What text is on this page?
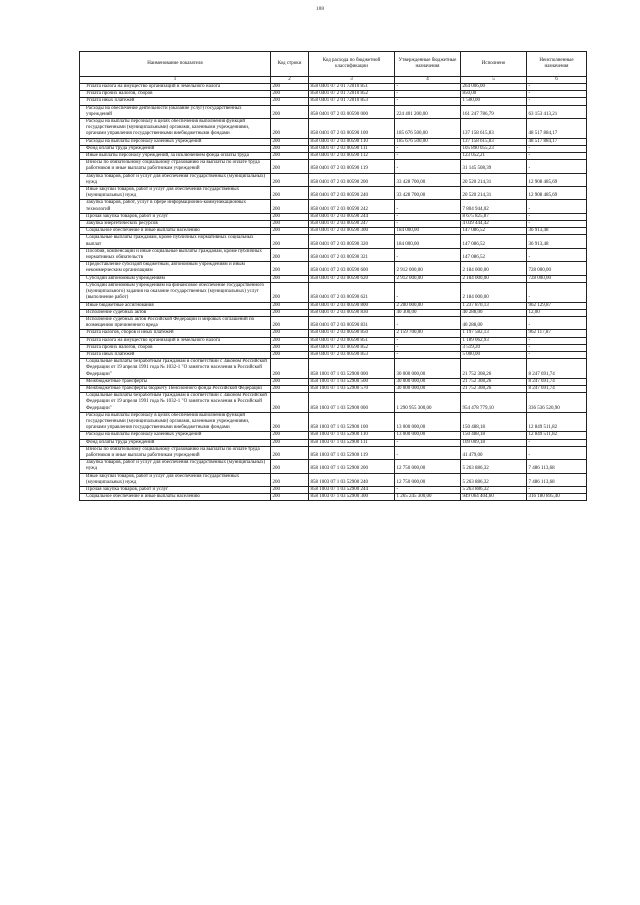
188
Наименование показателя	Код строки	Код расхода по бюджетной классификации	Утвержденные бюджетные назначения	Исполнено	Неисполненные назначения
1	2	3	4	5	6
Уплата налога на имущество организаций и земельного налога	200	858 0401 07 2 01 72010 851	-	264 006,00	-
Уплата прочих налогов, сборов	200	858 0401 07 2 01 72010 852	-	850,00	-
Уплата иных платежей	200	858 0401 07 2 01 72010 853	-	1 500,00	-
Расходы на обеспечение деятельности (оказание услуг) государственных учреждений	200	858 0401 07 2 03 00590 000	224 401 200,00	161 247 786,79	63 153 413,21
Расходы на выплаты персоналу в целях обеспечения выполнения функций государственными (муниципальными) органами, казенными учреждениями, органами управления государственными внебюджетными фондами	200	858 0401 07 2 03 00590 100	185 676 500,00	137 158 615,83	48 517 884,17
Расходы на выплаты персоналу казенных учреждений	200	858 0401 07 2 03 00590 110	185 676 500,00	137 158 615,83	48 517 884,17
Фонд оплаты труда учреждений	200	858 0401 07 2 03 00590 111	-	105 890 055,23	-
Иные выплаты персоналу учреждений, за исключением фонда оплаты труда	200	858 0401 07 2 03 00590 112	-	123 052,21	-
Взносы по обязательному социальному страхованию на выплаты по оплате труда работников и иные выплаты работникам учреждений	200	858 0401 07 2 03 00590 119	-	31 145 508,39	-
Закупка товаров, работ и услуг для обеспечения государственных (муниципальных) нужд	200	858 0401 07 2 03 00590 200	33 428 700,00	20 520 214,31	12 908 485,69
Иные закупки товаров, работ и услуг для обеспечения государственных (муниципальных) нужд	200	858 0401 07 2 03 00590 240	33 428 700,00	20 520 214,31	12 908 485,69
Закупка товаров, работ, услуг в сфере информационно-коммуникационных технологий	200	858 0401 07 2 03 00590 242	-	7 804 944,02	-
Прочая закупка товаров, работ и услуг	200	858 0401 07 2 03 00590 244	-	8 675 825,87	-
Закупка энергетических ресурсов	200	858 0401 07 2 03 00590 247	-	4 039 444,42	-
Социальное обеспечение и иные выплаты населению	200	858 0401 07 2 03 00590 300	184 000,00	147 086,52	36 913,48
Социальные выплаты гражданам, кроме публичных нормативных социальных выплат	200	858 0401 07 2 03 00590 320	184 000,00	147 086,52	36 913,48
Пособия, компенсации и иные социальные выплаты гражданам, кроме публичных нормативных обязательств	200	858 0401 07 2 03 00590 321	-	147 086,52	-
Предоставление субсидий бюджетным, автономным учреждениям и иным некоммерческим организациям	200	858 0401 07 2 03 00590 600	2 912 000,00	2 184 000,00	728 000,00
Субсидии автономным учреждениям	200	858 0401 07 2 03 00590 620	2 912 000,00	2 184 000,00	728 000,00
Субсидии автономным учреждениям на финансовое обеспечение государственного (муниципального) задания на оказание государственных (муниципальных) услуг (выполнение работ)	200	858 0401 07 2 03 00590 621	-	2 184 000,00	-
Иные бюджетные ассигнования	200	858 0401 07 2 03 00590 800	2 200 000,00	1 237 870,13	962 129,87
Исполнение судебных актов	200	858 0401 07 2 03 00590 830	40 300,00	40 288,00	12,00
Исполнение судебных актов Российской Федерации и мировых соглашений по возмещению причиненного вреда	200	858 0401 07 2 03 00590 831	-	40 288,00	-
Уплата налогов, сборов и иных платежей	200	858 0401 07 2 03 00590 850	2 159 700,00	1 197 582,13	962 117,87
Уплата налога на имущество организаций и земельного налога	200	858 0401 07 2 03 00590 851	-	1 189 062,93	-
Уплата прочих налогов, сборов	200	858 0401 07 2 03 00590 852	-	3 519,20	-
Уплата иных платежей	200	858 0401 07 2 03 00590 853	-	5 000,00	-
Социальные выплаты безработным гражданам в соответствии с Законом Российской Федерации от 19 апреля 1991 года № 1032-1 "О занятости населения в Российской Федерации"	200	858 1001 07 1 03 52900 000	30 000 000,00	21 752 308,26	8 247 691,74
Межбюджетные трансферты	200	858 1001 07 1 03 52900 500	30 000 000,00	21 752 308,26	8 247 691,74
Межбюджетные трансферты бюджету Пенсионного фонда Российской Федерации	200	858 1001 07 1 03 52900 570	30 000 000,00	21 752 308,26	8 247 691,74
Социальные выплаты безработным гражданам в соответствии с Законом Российской Федерации от 19 апреля 1991 года № 1032-1 "О занятости населения в Российской Федерации"	200	858 1003 07 1 03 52900 000	1 290 955 300,00	954 478 779,10	336 536 520,90
Расходы на выплаты персоналу в целях обеспечения выполнения функций государственными (муниципальными) органами, казенными учреждениями, органами управления государственными внебюджетными фондами	200	858 1003 07 1 03 52900 100	13 000 000,00	150 488,18	12 849 511,82
Расходы на выплаты персоналу казенных учреждений	200	858 1003 07 1 03 52900 110	13 000 000,00	150 488,18	12 849 511,82
Фонд оплаты труда учреждений	200	858 1003 07 1 03 52900 111	-	109 009,18	-
Взносы по обязательному социальному страхованию на выплаты по оплате труда работников и иные выплаты работникам учреждений	200	858 1003 07 1 03 52900 119	-	41 479,00	-
Закупка товаров, работ и услуг для обеспечения государственных (муниципальных) нужд	200	858 1003 07 1 03 52900 200	12 750 000,00	5 263 886,32	7 486 113,68
Иные закупки товаров, работ и услуг для обеспечения государственных (муниципальных) нужд	200	858 1003 07 1 03 52900 240	12 750 000,00	5 263 886,32	7 486 113,68
Прочая закупка товаров, работ и услуг	200	858 1003 07 1 03 52900 244	-	5 263 886,32	-
Социальное обеспечение и иные выплаты населению	200	858 1003 07 1 03 52900 300	1 265 245 300,00	949 064 404,60	316 180 895,40
